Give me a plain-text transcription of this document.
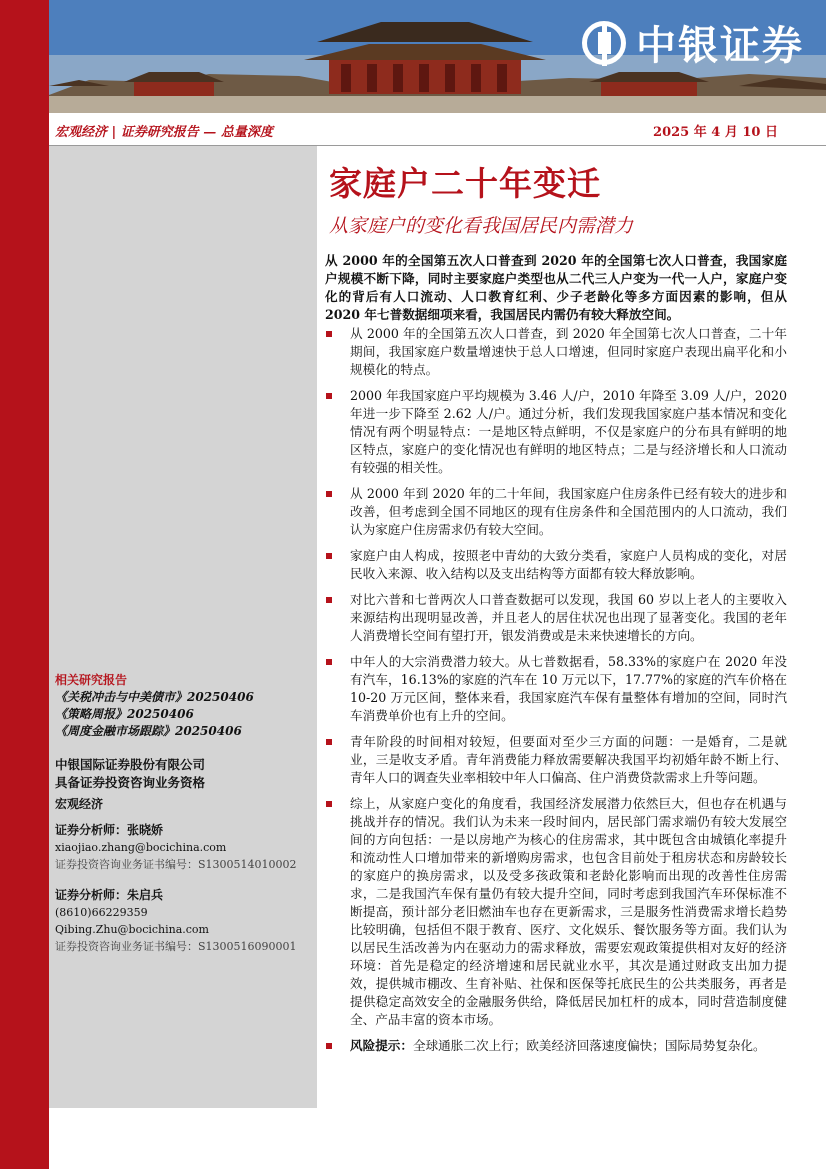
中银证券
宏观经济 | 证券研究报告 — 总量深度	2025 年 4 月 10 日
相关研究报告
《关税冲击与中美债市》20250406
《策略周报》20250406
《周度金融市场跟踪》20250406
中银国际证券股份有限公司
具备证券投资咨询业务资格
宏观经济
证券分析师：张晓娇
xiaojiao.zhang@bocichina.com
证券投资咨询业务证书编号：S1300514010002
证券分析师：朱启兵
(8610)66229359
Qibing.Zhu@bocichina.com
证券投资咨询业务证书编号：S1300516090001
家庭户二十年变迁
从家庭户的变化看我国居民内需潜力
从 2000 年的全国第五次人口普查到 2020 年的全国第七次人口普查，我国家庭户规模不断下降，同时主要家庭户类型也从二代三人户变为一代一人户，家庭户变化的背后有人口流动、人口教育红利、少子老龄化等多方面因素的影响，但从 2020 年七普数据细项来看，我国居民内需仍有较大释放空间。
从 2000 年的全国第五次人口普查，到 2020 年全国第七次人口普查，二十年期间，我国家庭户数量增速快于总人口增速，但同时家庭户表现出扁平化和小规模化的特点。
2000 年我国家庭户平均规模为 3.46 人/户，2010 年降至 3.09 人/户，2020 年进一步下降至 2.62 人/户。通过分析，我们发现我国家庭户基本情况和变化情况有两个明显特点：一是地区特点鲜明，不仅是家庭户的分布具有鲜明的地区特点，家庭户的变化情况也有鲜明的地区特点；二是与经济增长和人口流动有较强的相关性。
从 2000 年到 2020 年的二十年间，我国家庭户住房条件已经有较大的进步和改善，但考虑到全国不同地区的现有住房条件和全国范围内的人口流动，我们认为家庭户住房需求仍有较大空间。
家庭户由人构成，按照老中青幼的大致分类看，家庭户人员构成的变化，对居民收入来源、收入结构以及支出结构等方面都有较大释放影响。
对比六普和七普两次人口普查数据可以发现，我国 60 岁以上老人的主要收入来源结构出现明显改善，并且老人的居住状况也出现了显著变化。我国的老年人消费增长空间有望打开，银发消费或是未来快速增长的方向。
中年人的大宗消费潜力较大。从七普数据看，58.33%的家庭户在 2020 年没有汽车，16.13%的家庭的汽车在 10 万元以下，17.77%的家庭的汽车价格在 10-20 万元区间，整体来看，我国家庭汽车保有量整体有增加的空间，同时汽车消费单价也有上升的空间。
青年阶段的时间相对较短，但要面对至少三方面的问题：一是婚育，二是就业，三是收支矛盾。青年消费能力释放需要解决我国平均初婚年龄不断上行、青年人口的调查失业率相较中年人口偏高、住户消费贷款需求上升等问题。
综上，从家庭户变化的角度看，我国经济发展潜力依然巨大，但也存在机遇与挑战并存的情况。我们认为未来一段时间内，居民部门需求端仍有较大发展空间的方向包括：一是以房地产为核心的住房需求，其中既包含由城镇化率提升和流动性人口增加带来的新增购房需求，也包含目前处于租房状态和房龄较长的家庭户的换房需求，以及受多孩政策和老龄化影响而出现的改善性住房需求，二是我国汽车保有量仍有较大提升空间，同时考虑到我国汽车环保标准不断提高，预计部分老旧燃油车也存在更新需求，三是服务性消费需求增长趋势比较明确，包括但不限于教育、医疗、文化娱乐、餐饮服务等方面。我们认为以居民生活改善为内在驱动力的需求释放，需要宏观政策提供相对友好的经济环境：首先是稳定的经济增速和居民就业水平，其次是通过财政支出加力提效，提供城市棚改、生育补贴、社保和医保等托底民生的公共类服务，再者是提供稳定高效安全的金融服务供给，降低居民加杠杆的成本，同时营造制度健全、产品丰富的资本市场。
风险提示：全球通胀二次上行；欧美经济回落速度偏快；国际局势复杂化。
